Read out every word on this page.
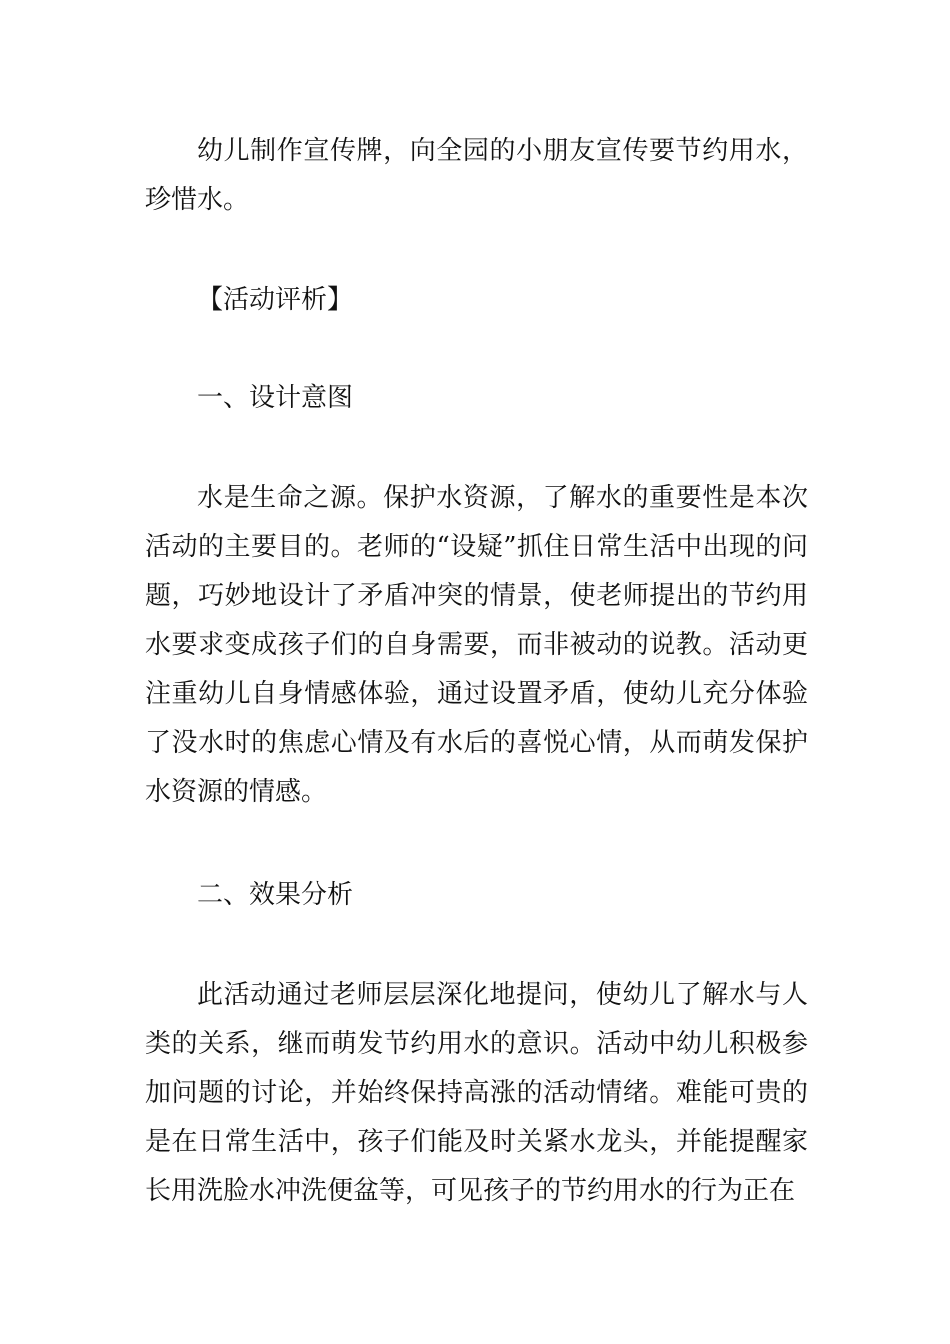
幼儿制作宣传牌，向全园的小朋友宣传要节约用水，珍惜水。

【活动评析】

一、设计意图

水是生命之源。保护水资源，了解水的重要性是本次活动的主要目的。老师的“设疑”抓住日常生活中出现的问题，巧妙地设计了矛盾冲突的情景，使老师提出的节约用水要求变成孩子们的自身需要，而非被动的说教。活动更注重幼儿自身情感体验，通过设置矛盾，使幼儿充分体验了没水时的焦虑心情及有水后的喜悦心情，从而萌发保护水资源的情感。

二、效果分析

此活动通过老师层层深化地提问，使幼儿了解水与人类的关系，继而萌发节约用水的意识。活动中幼儿积极参加问题的讨论，并始终保持高涨的活动情绪。难能可贵的是在日常生活中，孩子们能及时关紧水龙头，并能提醒家长用洗脸水冲洗便盆等，可见孩子的节约用水的行为正在
